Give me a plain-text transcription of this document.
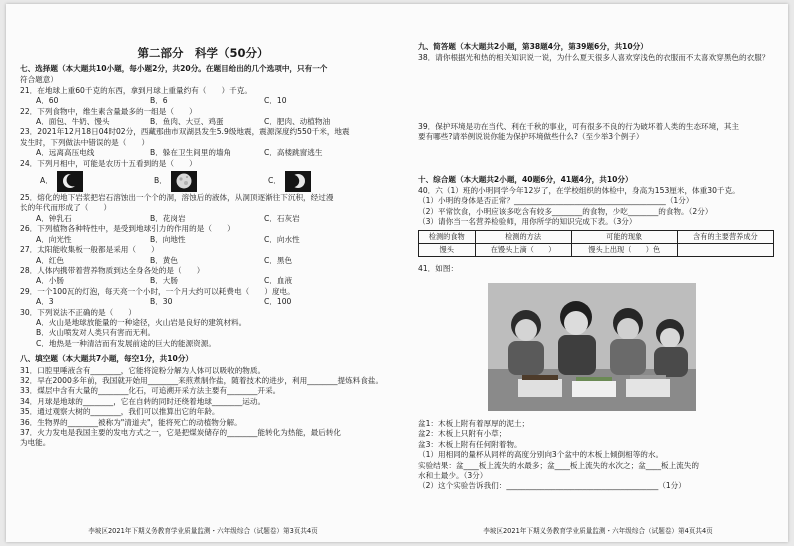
第二部分　科学（50分）
七、选择题（本大题共10小题，每小题2分，共20分。在题目给出的几个选项中，只有一个
符合题意）
21．在地球上重60千克的东西，拿到月球上重量约有（　　）千克。
A．60	B．6	C．10
22．下列食物中，维生素含量最多的一组是（　　）
A．面包、牛奶、馒头	B．鱼肉、大豆、鸡蛋	C．肥肉、动植物油
23．2021年12月18日04时02分，西藏那曲市双湖县发生5.9级地震，震源深度约550千米，地震
发生时，下列做法中错误的是（　　）
A．远离高压电线	B．躲在卫生间里的墙角	C．高楼跳窗逃生
24．下列月相中，可能是农历十五看到的是（　　）
A．	B．	C．
25．熔化的地下岩浆把岩石溶蚀出一个个的洞，溶蚀后的液体，从洞顶逐渐往下沉积，经过漫
长的年代而形成了（　　）
A．钟乳石	B．花岗岩	C．石灰岩
26．下列植物各种特性中，是受到地球引力的作用的是（　　）
A．向光性	B．向地性	C．向水性
27．太阳能收集板一般都是采用（　　）
A．红色	B．黄色	C．黑色
28．人体内携带着营养物质到达全身各处的是（　　）
A．小肠	B．大肠	C．血液
29．一个100瓦的灯泡，每天亮一个小时，一个月大约可以耗费电（　　）度电。
A．3	B．30	C．100
30．下列说法不正确的是（　　）
A．火山是地球放能量的一种途径，火山岩是良好的建筑材料。
B．火山喷发对人类只有害而无利。
C．地热是一种清洁而有发展前途的巨大的能源资源。
八、填空题（本大题共7小题，每空1分，共10分）
31．口腔里唾液含有________，它能将淀粉分解为人体可以吸收的物质。
32．早在2000多年前，我国就开始用________来煎煮制作盐，随着技术的进步，利用________提炼料食盐。
33．煤层中含有大量的________化石，可追溯开采方法主要有________开采。
34．月球是地球的________，它在自转的同时还绕着地球________运动。
35．通过观察大树的________，我们可以推算出它的年龄。
36．生物界的________被称为"清道夫"，能将死亡的动植物分解。
37．火力发电是我国主要的发电方式之一，它是把煤炭储存的________能转化为热能，最后转化
为电能。
李坡区2021年下期义务教育学业质量监测・六年级综合（试题卷）第3页共4页
九、简答题（本大题共2小题，第38题4分，第39题6分，共10分）
38．请你根据光和热的相关知识说一说，为什么夏天很多人喜欢穿浅色的衣服而不太喜欢穿黑色的衣服？
39．保护环境是功在当代、利在千秋的事业，可有很多不良的行为破坏着人类的生态环境，其主
要有哪些?请举例说说你能为保护环境做些什么?（至少举3个例子）
十、综合题（本大题共2小题，40题6分，41题4分，共10分）
40．六（1）班的小明同学今年12岁了，在学校组织的体检中，身高为153厘米，体重30千克。
（1）小明的身体是否正常？________________________________________（1分）
（2）平常饮食，小明应该多吃含有较多________的食物，少吃________的食物。（2分）
（3）请你当一名营养检验师，用你所学的知识完成下表。（3分）
检测的食物	检测的方法	可能的现象	含有的主要营养成分
馒头	在馒头上滴（　　）	馒头上出现（　　）色	
41．如图：
盆1：木板上附有着厚厚的泥土；
盆2：木板上只附有小草；
盆3：木板上附有任何附着物。
（1）用相同的量杯从同样的高度分别向3个盆中的木板上倾倒相等的水。
实验结果：盆____板上流失的水最多；盆____板上流失的水次之；盆____板上流失的
水和土最少。（3分）
（2）这个实验告诉我们：________________________________________（1分）
李坡区2021年下期义务教育学业质量监测・六年级综合（试题卷）第4页共4页
